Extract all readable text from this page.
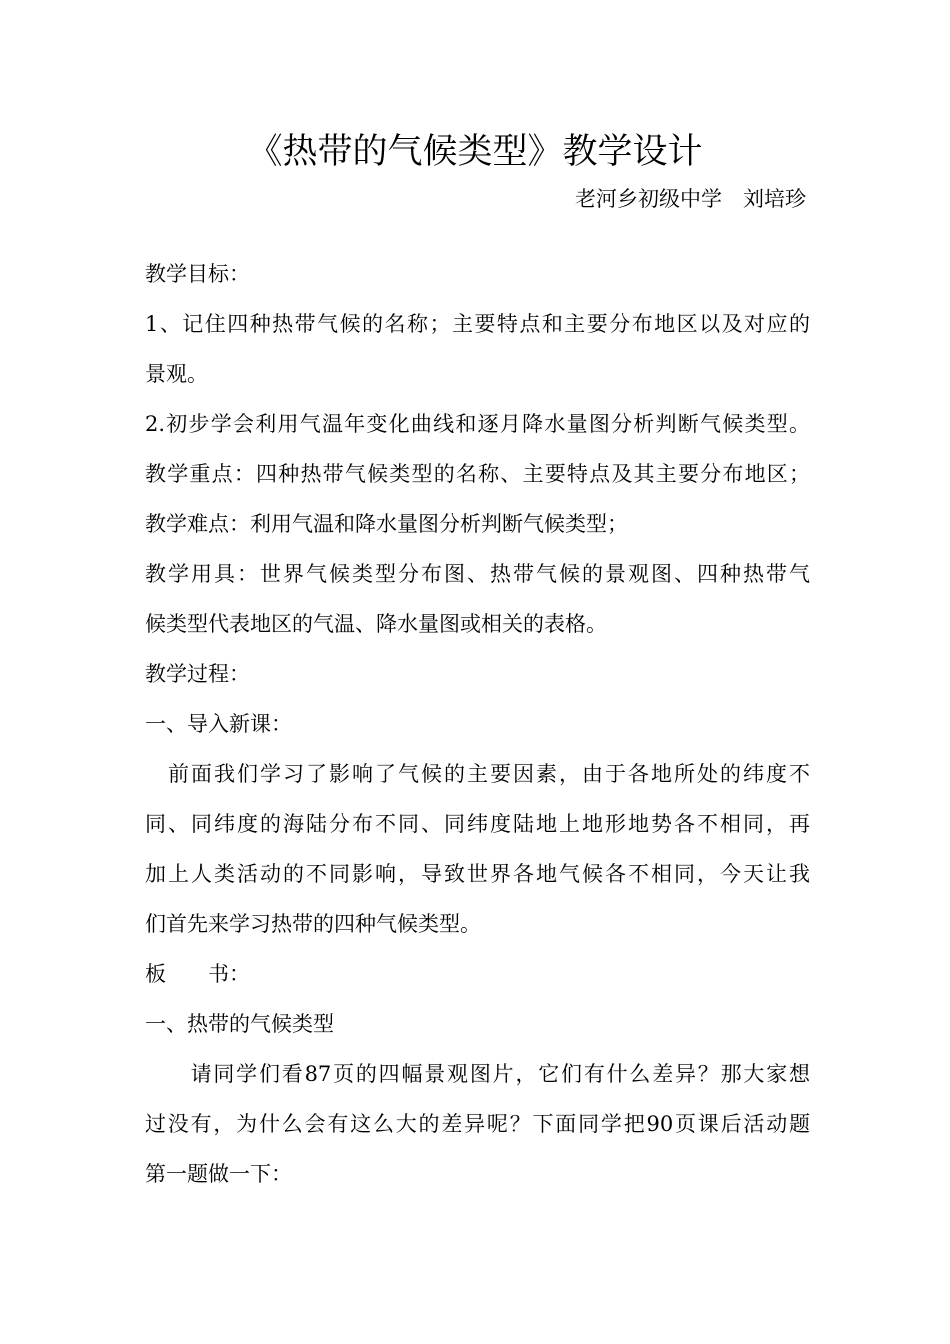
《热带的气候类型》教学设计
老河乡初级中学　刘培珍
教学目标：
1、记住四种热带气候的名称；主要特点和主要分布地区以及对应的
景观。
2.初步学会利用气温年变化曲线和逐月降水量图分析判断气候类型。
教学重点：四种热带气候类型的名称、主要特点及其主要分布地区；
教学难点：利用气温和降水量图分析判断气候类型；
教学用具：世界气候类型分布图、热带气候的景观图、四种热带气
候类型代表地区的气温、降水量图或相关的表格。
教学过程：
一、导入新课：
　前面我们学习了影响了气候的主要因素，由于各地所处的纬度不
同、同纬度的海陆分布不同、同纬度陆地上地形地势各不相同，再
加上人类活动的不同影响，导致世界各地气候各不相同，今天让我
们首先来学习热带的四种气候类型。
板　　书：
一、热带的气候类型
　　请同学们看87页的四幅景观图片，它们有什么差异？那大家想
过没有，为什么会有这么大的差异呢？下面同学把90页课后活动题
第一题做一下：
